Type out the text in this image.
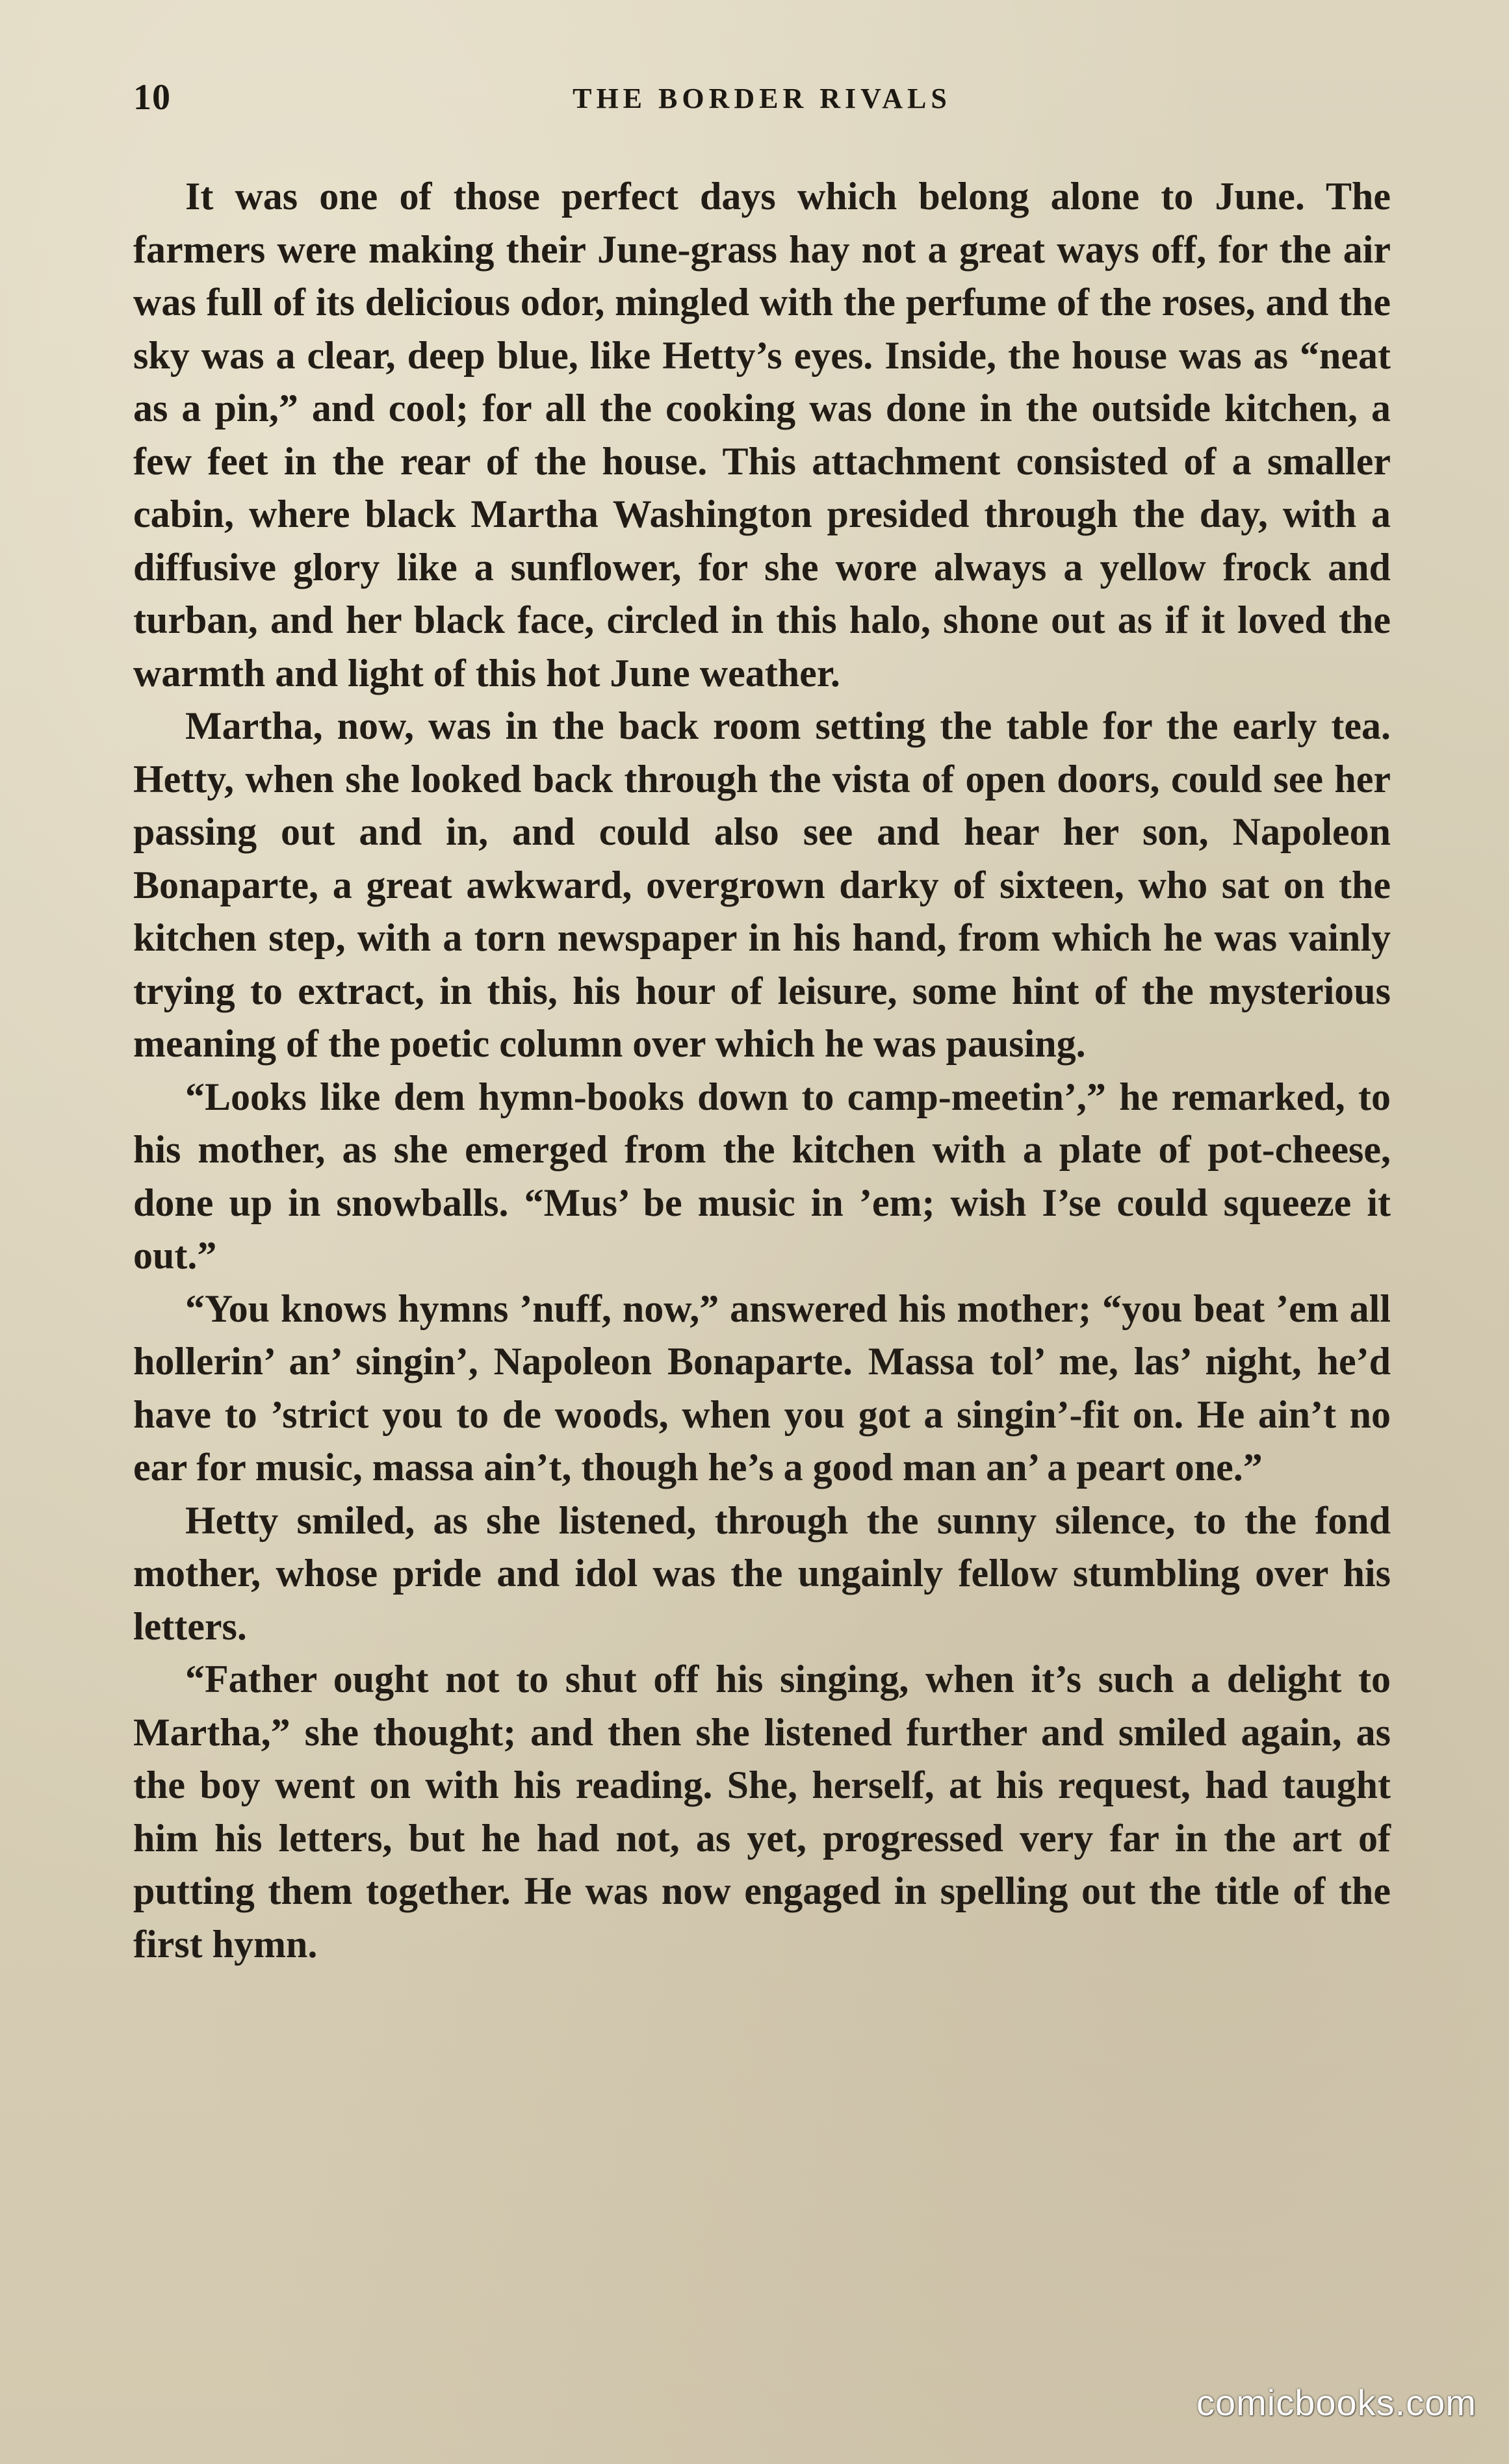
10	THE BORDER RIVALS

It was one of those perfect days which belong alone to June. The farmers were making their June-grass hay not a great ways off, for the air was full of its delicious odor, mingled with the perfume of the roses, and the sky was a clear, deep blue, like Hetty’s eyes. Inside, the house was as “neat as a pin,” and cool; for all the cooking was done in the outside kitchen, a few feet in the rear of the house. This attachment consisted of a smaller cabin, where black Martha Washington presided through the day, with a diffusive glory like a sunflower, for she wore always a yellow frock and turban, and her black face, circled in this halo, shone out as if it loved the warmth and light of this hot June weather.

Martha, now, was in the back room setting the table for the early tea. Hetty, when she looked back through the vista of open doors, could see her passing out and in, and could also see and hear her son, Napoleon Bonaparte, a great awkward, overgrown darky of sixteen, who sat on the kitchen step, with a torn newspaper in his hand, from which he was vainly trying to extract, in this, his hour of leisure, some hint of the mysterious meaning of the poetic column over which he was pausing.

“Looks like dem hymn-books down to camp-meetin’,” he remarked, to his mother, as she emerged from the kitchen with a plate of pot-cheese, done up in snowballs. “Mus’ be music in ’em; wish I’se could squeeze it out.”

“You knows hymns ’nuff, now,” answered his mother; “you beat ’em all hollerin’ an’ singin’, Napoleon Bonaparte. Massa tol’ me, las’ night, he’d have to ’strict you to de woods, when you got a singin’-fit on. He ain’t no ear for music, massa ain’t, though he’s a good man an’ a peart one.”

Hetty smiled, as she listened, through the sunny silence, to the fond mother, whose pride and idol was the ungainly fellow stumbling over his letters.

“Father ought not to shut off his singing, when it’s such a delight to Martha,” she thought; and then she listened further and smiled again, as the boy went on with his reading. She, herself, at his request, had taught him his letters, but he had not, as yet, progressed very far in the art of putting them together. He was now engaged in spelling out the title of the first hymn.

comicbooks.com
